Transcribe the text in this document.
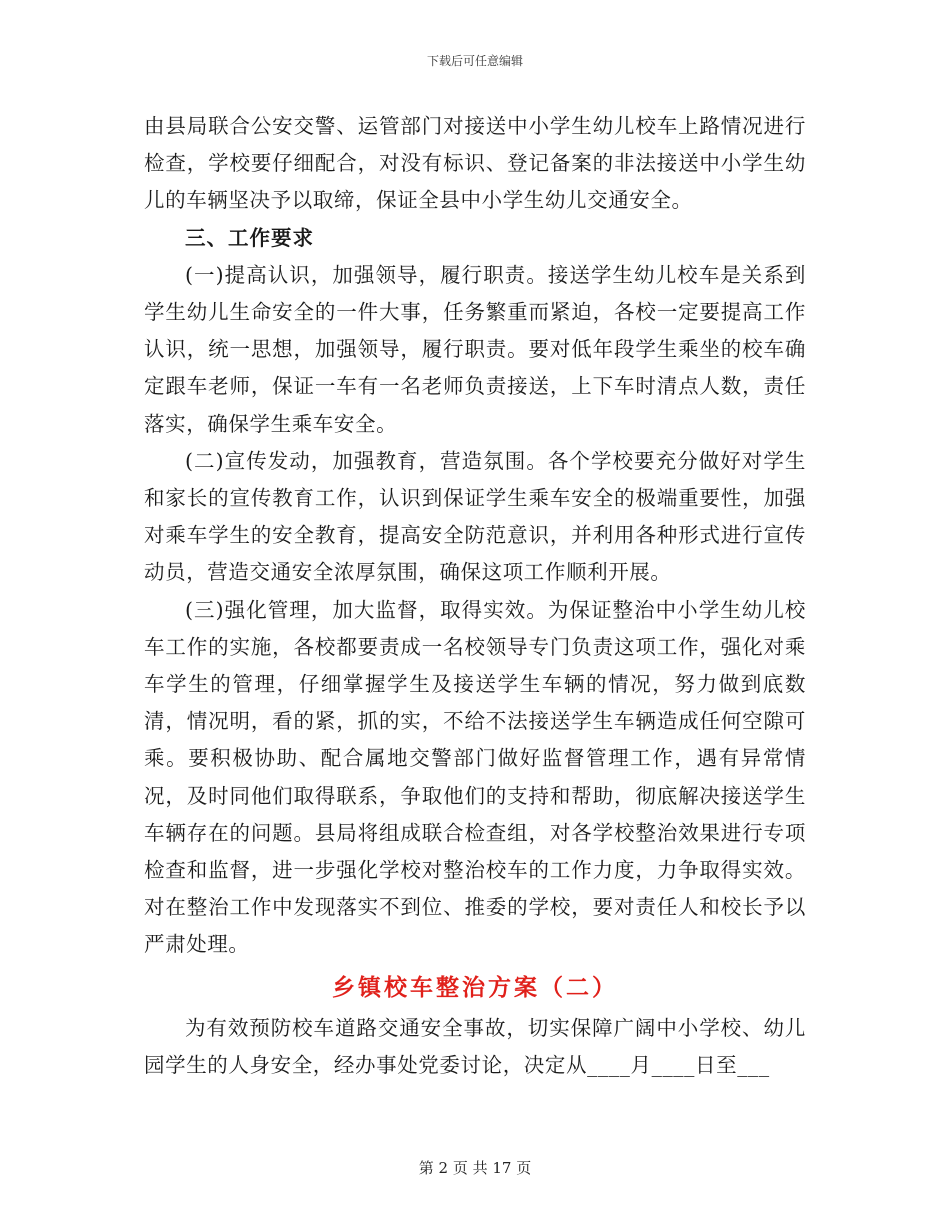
下载后可任意编辑

由县局联合公安交警、运管部门对接送中小学生幼儿校车上路情况进行检查，学校要仔细配合，对没有标识、登记备案的非法接送中小学生幼儿的车辆坚决予以取缔，保证全县中小学生幼儿交通安全。

三、工作要求

(一)提高认识，加强领导，履行职责。接送学生幼儿校车是关系到学生幼儿生命安全的一件大事，任务繁重而紧迫，各校一定要提高工作认识，统一思想，加强领导，履行职责。要对低年段学生乘坐的校车确定跟车老师，保证一车有一名老师负责接送，上下车时清点人数，责任落实，确保学生乘车安全。

(二)宣传发动，加强教育，营造氛围。各个学校要充分做好对学生和家长的宣传教育工作，认识到保证学生乘车安全的极端重要性，加强对乘车学生的安全教育，提高安全防范意识，并利用各种形式进行宣传动员，营造交通安全浓厚氛围，确保这项工作顺利开展。

(三)强化管理，加大监督，取得实效。为保证整治中小学生幼儿校车工作的实施，各校都要责成一名校领导专门负责这项工作，强化对乘车学生的管理，仔细掌握学生及接送学生车辆的情况，努力做到底数清，情况明，看的紧，抓的实，不给不法接送学生车辆造成任何空隙可乘。要积极协助、配合属地交警部门做好监督管理工作，遇有异常情况，及时同他们取得联系，争取他们的支持和帮助，彻底解决接送学生车辆存在的问题。县局将组成联合检查组，对各学校整治效果进行专项检查和监督，进一步强化学校对整治校车的工作力度，力争取得实效。对在整治工作中发现落实不到位、推委的学校，要对责任人和校长予以严肃处理。

乡镇校车整治方案（二）

为有效预防校车道路交通安全事故，切实保障广阔中小学校、幼儿园学生的人身安全，经办事处党委讨论，决定从____月____日至___

第 2 页 共 17 页
